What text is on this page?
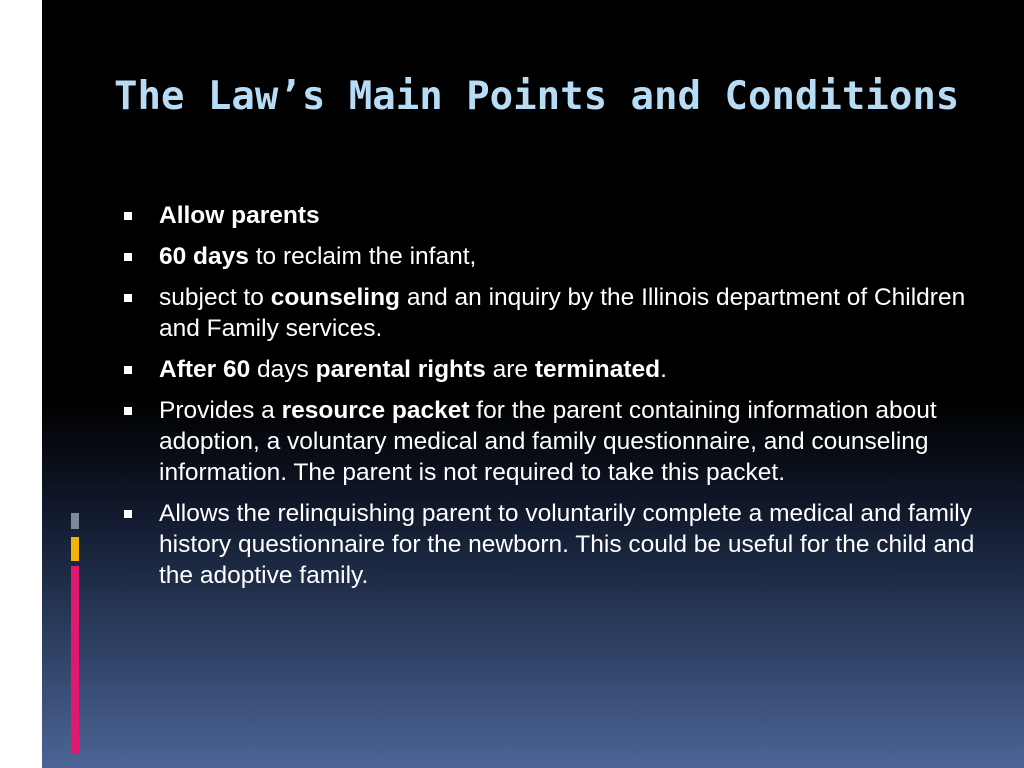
The Law’s Main Points and Conditions
Allow parents
60 days to reclaim the infant,
subject to counseling and an inquiry by the Illinois department of Children and Family services.
After 60 days parental rights are terminated.
Provides a resource packet for the parent containing information about adoption, a voluntary medical and family questionnaire, and counseling information. The parent is not required to take this packet.
Allows the relinquishing parent to voluntarily complete a medical and family history questionnaire for the newborn. This could be useful for the child and the adoptive family.
